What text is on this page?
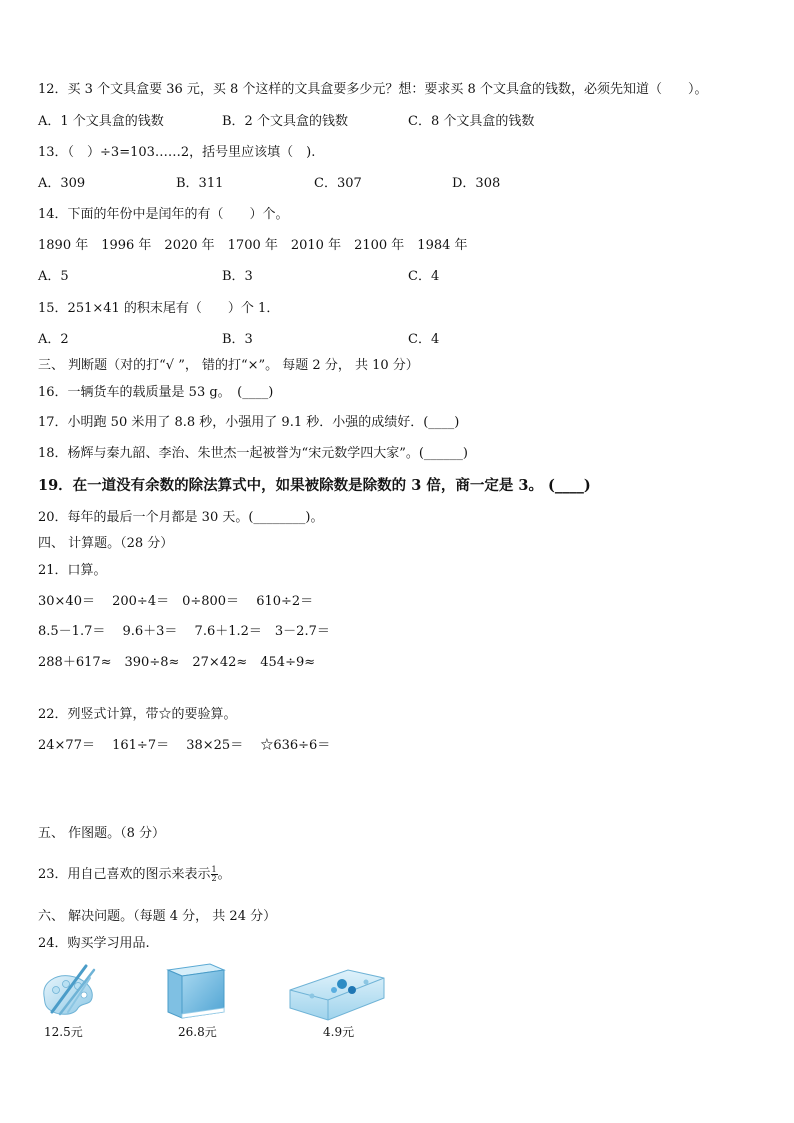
12．买 3 个文具盒要 36 元，买 8 个这样的文具盒要多少元？想：要求买 8 个文具盒的钱数，必须先知道（　　）。
A．1 个文具盒的钱数	B．2 个文具盒的钱数	C．8 个文具盒的钱数
13．（　）÷3=103……2，括号里应该填（　).
A．309	B．311	C．307	D．308
14．下面的年份中是闰年的有（　　）个。
1890 年　1996 年　2020 年　1700 年　2010 年　2100 年　1984 年
A．5	B．3	C．4
15．251×41 的积末尾有（　　）个 1．
A．2	B．3	C．4
三、 判断题（对的打“√ ”， 错的打“×”。 每题 2 分， 共 10 分）
16．一辆货车的载质量是 53 g。　(____)
17．小明跑 50 米用了 8.8 秒，小强用了 9.1 秒．小强的成绩好．(____)
18．杨辉与秦九韶、李治、朱世杰一起被誉为“宋元数学四大家”。(______)
19．在一道没有余数的除法算式中，如果被除数是除数的 3 倍，商一定是 3。 (____)
20．每年的最后一个月都是 30 天。(________)。
四、 计算题。（28 分）
21．口算。
30×40＝　 200÷4＝　0÷800＝　 610÷2＝
8.5－1.7＝　 9.6＋3＝　 7.6＋1.2＝　3－2.7＝
288＋617≈　390÷8≈　27×42≈　454÷9≈
22．列竖式计算，带☆的要验算。
24×77＝　 161÷7＝　 38×25＝　 ☆636÷6＝
五、 作图题。（8 分）
23．用自己喜欢的图示来表示 $\frac{1}{2}$ 。
六、 解决问题。（每题 4 分， 共 24 分）
24．购买学习用品.
12.5元	26.8元	4.9元
